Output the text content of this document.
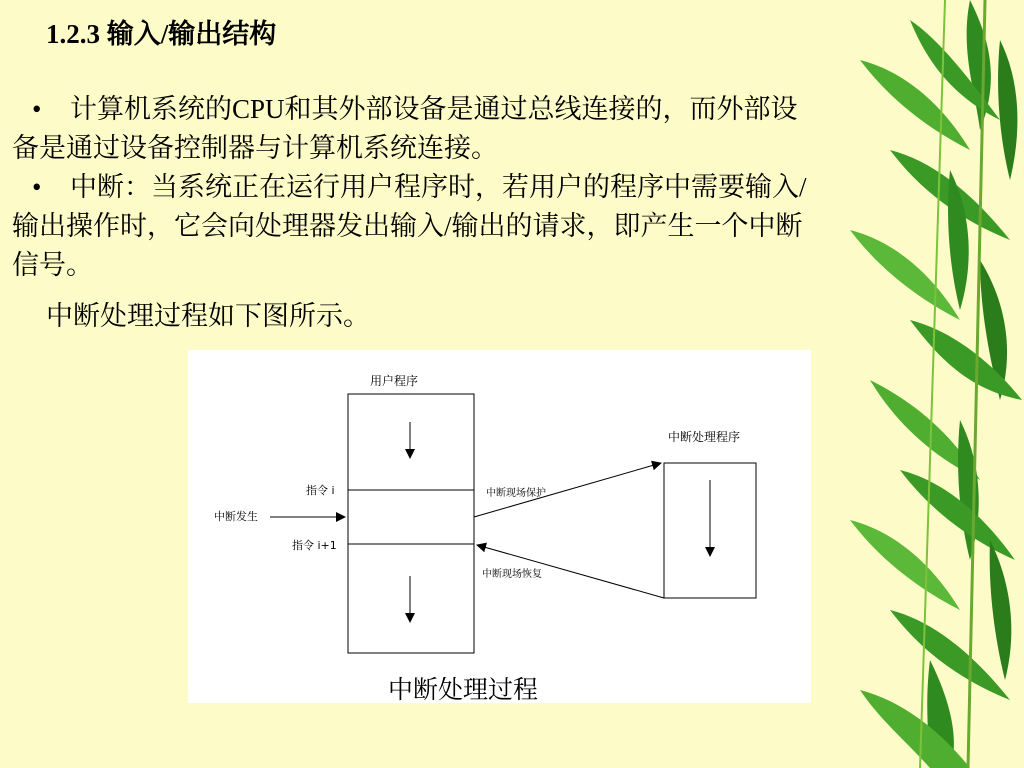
1.2.3 输入/输出结构
• 计算机系统的CPU和其外部设备是通过总线连接的，而外部设
备是通过设备控制器与计算机系统连接。
• 中断：当系统正在运行用户程序时，若用户的程序中需要输入/
输出操作时，它会向处理器发出输入/输出的请求，即产生一个中断
信号。
中断处理过程如下图所示。
用户程序
中断处理程序
指令 i
指令 i+1
中断发生
中断现场保护
中断现场恢复
中断处理过程
